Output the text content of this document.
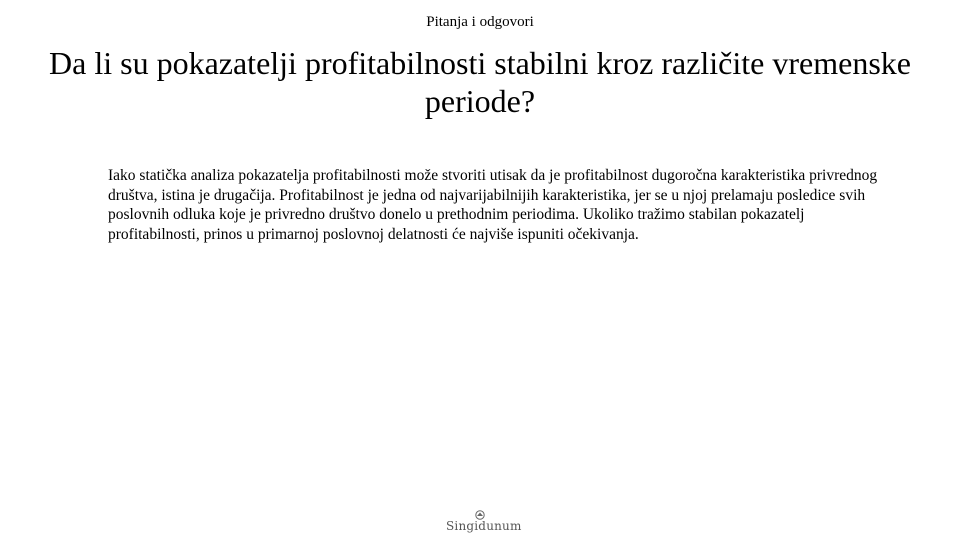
Pitanja i odgovori
Da li su pokazatelji profitabilnosti stabilni kroz različite vremenske periode?

Iako statička analiza pokazatelja profitabilnosti može stvoriti utisak da je profitabilnost dugoročna karakteristika privrednog društva, istina je drugačija. Profitabilnost je jedna od najvarijabilnijih karakteristika, jer se u njoj prelamaju posledice svih poslovnih odluka koje je privredno društvo donelo u prethodnim periodima. Ukoliko tražimo stabilan pokazatelj profitabilnosti, prinos u primarnoj poslovnoj delatnosti će najviše ispuniti očekivanja.

Singidunum
